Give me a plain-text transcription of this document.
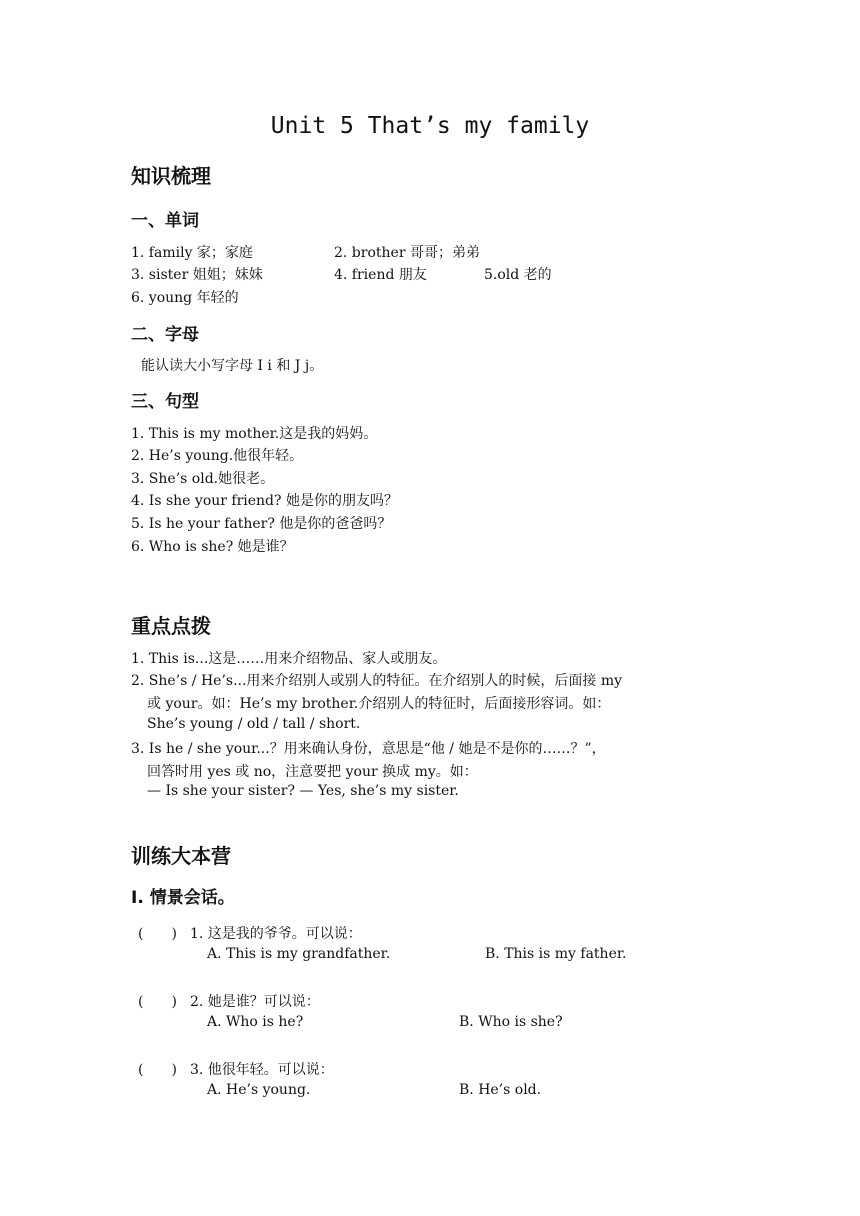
Unit 5 That’s my family
知识梳理
一、单词
1. family 家；家庭	2. brother 哥哥；弟弟
3. sister 姐姐；妹妹	4. friend 朋友	5.old 老的
6. young 年轻的
二、字母
能认读大小写字母 I i 和 J j。
三、句型
1. This is my mother.这是我的妈妈。
2. He’s young.他很年轻。
3. She’s old.她很老。
4. Is she your friend? 她是你的朋友吗？
5. Is he your father? 他是你的爸爸吗？
6. Who is she? 她是谁？
重点点拨
1. This is...这是……用来介绍物品、家人或朋友。
2. She’s / He’s...用来介绍别人或别人的特征。在介绍别人的时候，后面接 my
或 your。如：He’s my brother.介绍别人的特征时，后面接形容词。如：
She’s young / old / tall / short.
3. Is he / she your...？用来确认身份，意思是“他 / 她是不是你的……？”，
回答时用 yes 或 no，注意要把 your 换成 my。如：
— Is she your sister? — Yes, she’s my sister.
训练大本营
Ⅰ. 情景会话。
(　　) 1. 这是我的爷爷。可以说：
A. This is my grandfather.	B. This is my father.
(　　) 2. 她是谁？可以说：
A. Who is he?	B. Who is she?
(　　) 3. 他很年轻。可以说：
A. He’s young.	B. He’s old.
